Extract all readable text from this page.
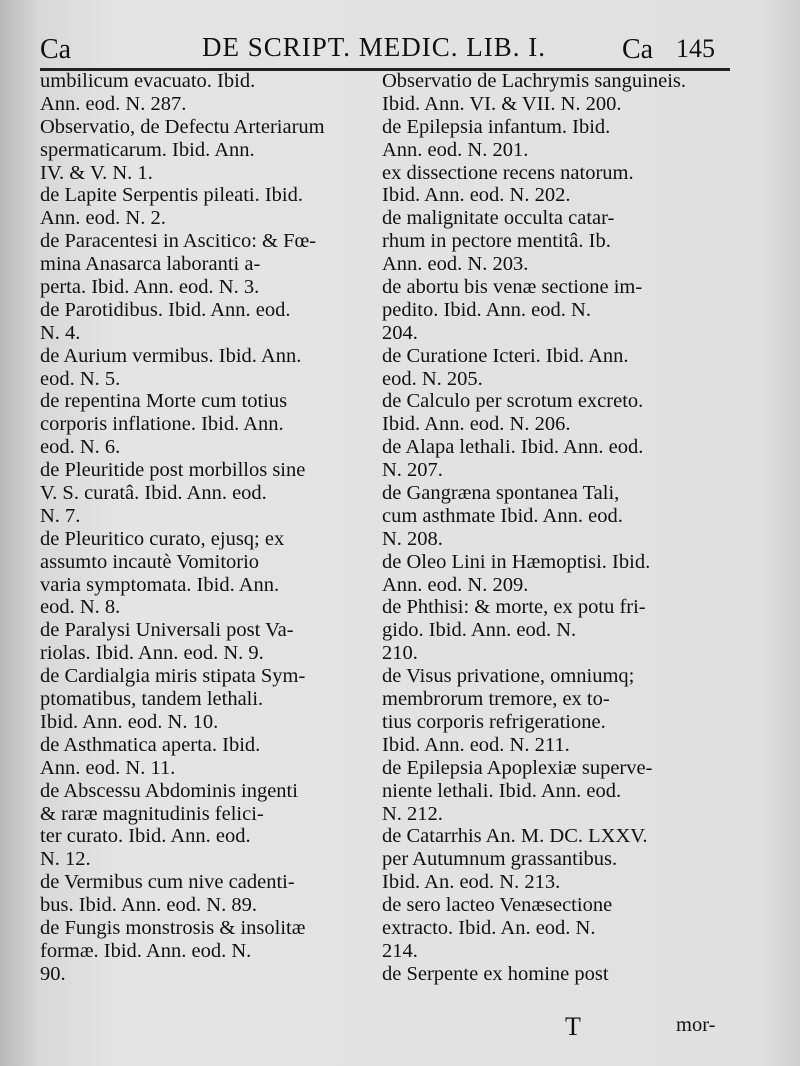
Ca	DE SCRIPT. MEDIC. LIB. I.	Ca 145
umbilicum evacuato. Ibid.
Ann. eod. N. 287.
Observatio, de Defectu Arteriarum
spermaticarum. Ibid. Ann.
IV. & V. N. 1.
de Lapite Serpentis pileati. Ibid.
Ann. eod. N. 2.
de Paracentesi in Ascitico: & Fœ-
mina Anasarca laboranti a-
perta. Ibid. Ann. eod. N. 3.
de Parotidibus. Ibid. Ann. eod.
N. 4.
de Aurium vermibus. Ibid. Ann.
eod. N. 5.
de repentina Morte cum totius
corporis inflatione. Ibid. Ann.
eod. N. 6.
de Pleuritide post morbillos sine
V. S. curatâ. Ibid. Ann. eod.
N. 7.
de Pleuritico curato, ejusq; ex
assumto incautè Vomitorio
varia symptomata. Ibid. Ann.
eod. N. 8.
de Paralysi Universali post Va-
riolas. Ibid. Ann. eod. N. 9.
de Cardialgia miris stipata Sym-
ptomatibus, tandem lethali.
Ibid. Ann. eod. N. 10.
de Asthmatica aperta. Ibid.
Ann. eod. N. 11.
de Abscessu Abdominis ingenti
& raræ magnitudinis felici-
ter curato. Ibid. Ann. eod.
N. 12.
de Vermibus cum nive cadenti-
bus. Ibid. Ann. eod. N. 89.
de Fungis monstrosis & insolitæ
formæ. Ibid. Ann. eod. N.
90.
Observatio de Lachrymis sanguineis.
Ibid. Ann. VI. & VII. N. 200.
de Epilepsia infantum. Ibid.
Ann. eod. N. 201.
ex dissectione recens natorum.
Ibid. Ann. eod. N. 202.
de malignitate occulta catar-
rhum in pectore mentitâ. Ib.
Ann. eod. N. 203.
de abortu bis venæ sectione im-
pedito. Ibid. Ann. eod. N.
204.
de Curatione Icteri. Ibid. Ann.
eod. N. 205.
de Calculo per scrotum excreto.
Ibid. Ann. eod. N. 206.
de Alapa lethali. Ibid. Ann. eod.
N. 207.
de Gangræna spontanea Tali,
cum asthmate Ibid. Ann. eod.
N. 208.
de Oleo Lini in Hæmoptisi. Ibid.
Ann. eod. N. 209.
de Phthisi: & morte, ex potu fri-
gido. Ibid. Ann. eod. N.
210.
de Visus privatione, omniumq;
membrorum tremore, ex to-
tius corporis refrigeratione.
Ibid. Ann. eod. N. 211.
de Epilepsia Apoplexiæ superve-
niente lethali. Ibid. Ann. eod.
N. 212.
de Catarrhis An. M. DC. LXXV.
per Autumnum grassantibus.
Ibid. An. eod. N. 213.
de sero lacteo Venæsectione
extracto. Ibid. An. eod. N.
214.
de Serpente ex homine post
T	mor-
